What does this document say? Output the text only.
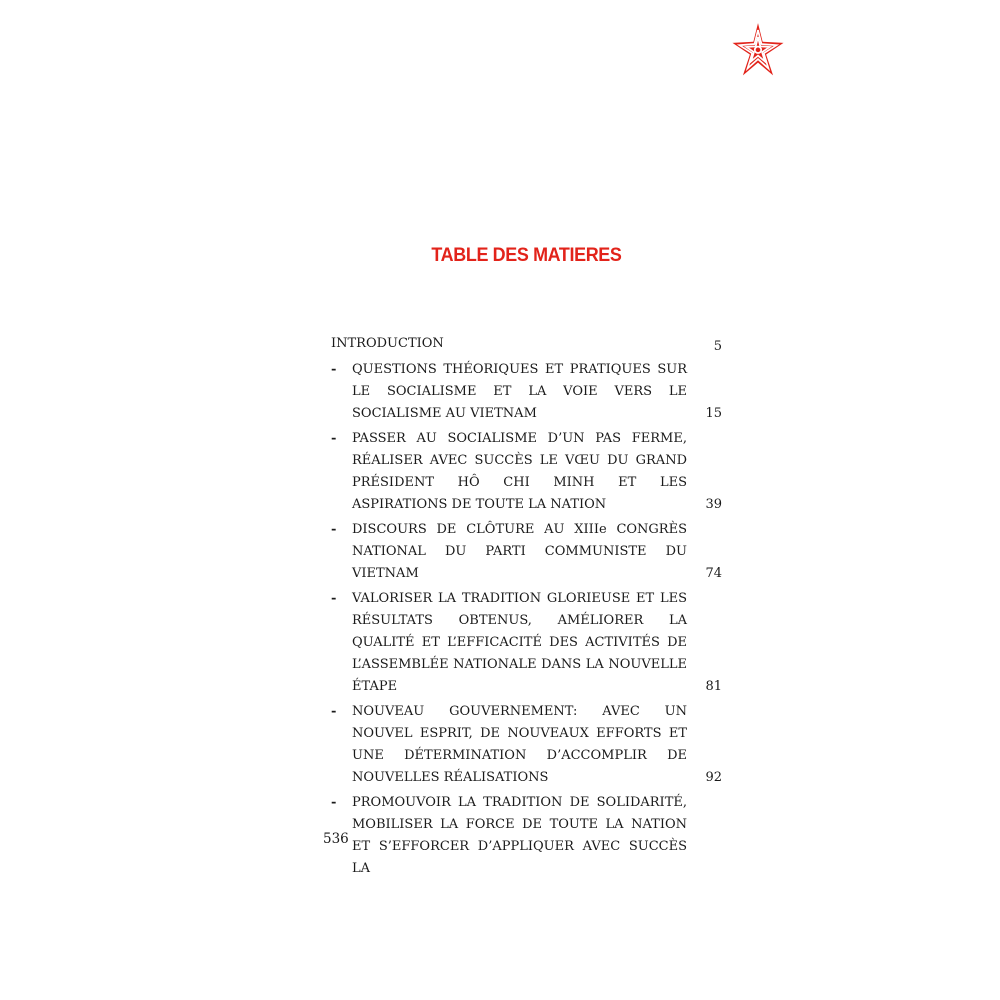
TABLE DES MATIERES
INTRODUCTION	5
- QUESTIONS THÉORIQUES ET PRATIQUES SUR LE SOCIALISME ET LA VOIE VERS LE SOCIALISME AU VIETNAM	15
- PASSER AU SOCIALISME D’UN PAS FERME, RÉALISER AVEC SUCCÈS LE VŒU DU GRAND PRÉSIDENT HÔ CHI MINH ET LES ASPIRATIONS DE TOUTE LA NATION	39
- DISCOURS DE CLÔTURE AU XIIIe CONGRÈS NATIONAL DU PARTI COMMUNISTE DU VIETNAM	74
- VALORISER LA TRADITION GLORIEUSE ET LES RÉSULTATS OBTENUS, AMÉLIORER LA QUALITÉ ET L’EFFICACITÉ DES ACTIVITÉS DE L’ASSEMBLÉE NATIONALE DANS LA NOUVELLE ÉTAPE	81
- NOUVEAU GOUVERNEMENT: AVEC UN NOUVEL ESPRIT, DE NOUVEAUX EFFORTS ET UNE DÉTERMINATION D’ACCOMPLIR DE NOUVELLES RÉALISATIONS	92
- PROMOUVOIR LA TRADITION DE SOLIDARITÉ, MOBILISER LA FORCE DE TOUTE LA NATION ET S’EFFORCER D’APPLIQUER AVEC SUCCÈS LA
536
